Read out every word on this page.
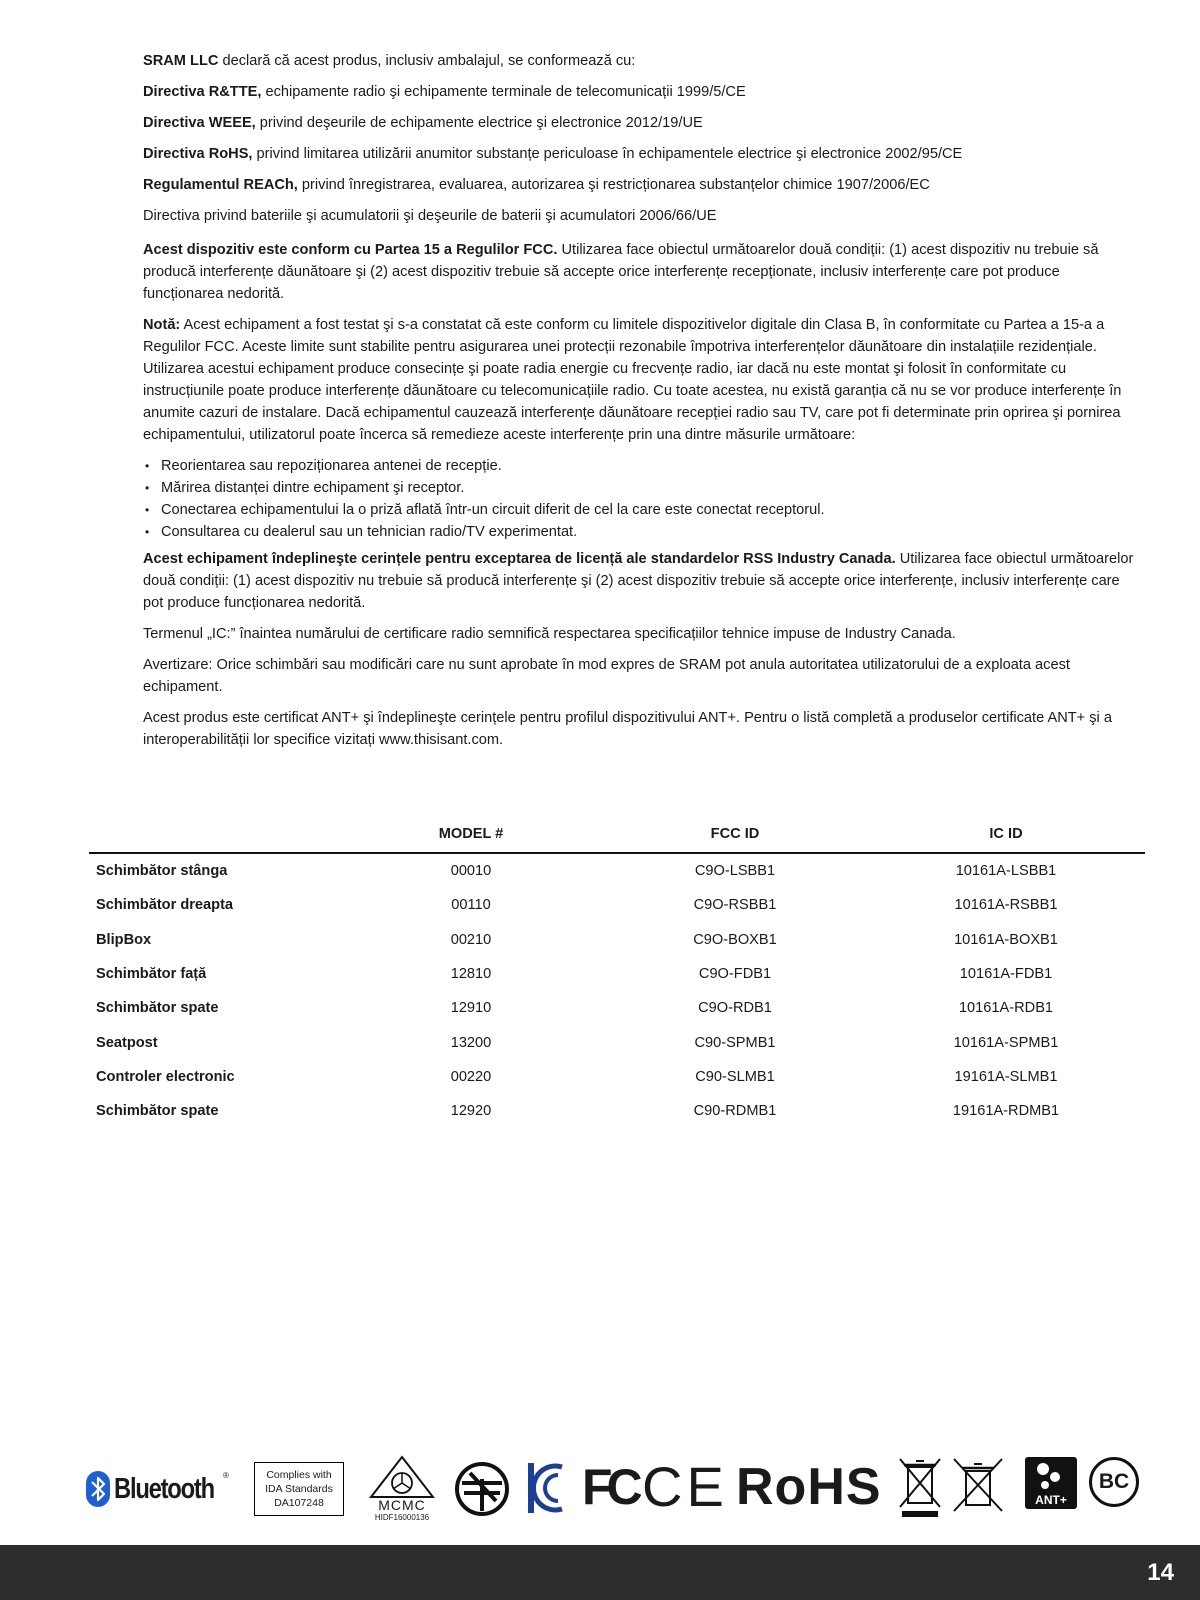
SRAM LLC declară că acest produs, inclusiv ambalajul, se conformează cu:

Directiva R&TTE, echipamente radio şi echipamente terminale de telecomunicații 1999/5/CE

Directiva WEEE, privind deşeurile de echipamente electrice şi electronice 2012/19/UE

Directiva RoHS, privind limitarea utilizării anumitor substanțe periculoase în echipamentele electrice şi electronice 2002/95/CE

Regulamentul REACh, privind înregistrarea, evaluarea, autorizarea şi restricționarea substanțelor chimice 1907/2006/EC

Directiva privind bateriile şi acumulatorii şi deşeurile de baterii şi acumulatori 2006/66/UE

Acest dispozitiv este conform cu Partea 15 a Regulilor FCC. Utilizarea face obiectul următoarelor două condiții: (1) acest dispozitiv nu trebuie să producă interferențe dăunătoare şi (2) acest dispozitiv trebuie să accepte orice interferențe recepționate, inclusiv interferențe care pot produce funcționarea nedorită.

Notă: Acest echipament a fost testat şi s-a constatat că este conform cu limitele dispozitivelor digitale din Clasa B, în conformitate cu Partea a 15-a a Regulilor FCC. Aceste limite sunt stabilite pentru asigurarea unei protecții rezonabile împotriva interferențelor dăunătoare din instalațiile rezidențiale. Utilizarea acestui echipament produce consecințe şi poate radia energie cu frecvențe radio, iar dacă nu este montat şi folosit în conformitate cu instrucțiunile poate produce interferențe dăunătoare cu telecomunicațiile radio. Cu toate acestea, nu există garanția că nu se vor produce interferențe în anumite cazuri de instalare. Dacă echipamentul cauzează interferențe dăunătoare recepției radio sau TV, care pot fi determinate prin oprirea şi pornirea echipamentului, utilizatorul poate încerca să remedieze aceste interferențe prin una dintre măsurile următoare:

• Reorientarea sau repoziționarea antenei de recepție.
• Mărirea distanței dintre echipament şi receptor.
• Conectarea echipamentului la o priză aflată într-un circuit diferit de cel la care este conectat receptorul.
• Consultarea cu dealerul sau un tehnician radio/TV experimentat.

Acest echipament îndeplineşte cerințele pentru exceptarea de licență ale standardelor RSS Industry Canada. Utilizarea face obiectul următoarelor două condiții: (1) acest dispozitiv nu trebuie să producă interferențe şi (2) acest dispozitiv trebuie să accepte orice interferențe, inclusiv interferențe care pot produce funcționarea nedorită.

Termenul „IC:” înaintea numărului de certificare radio semnifică respectarea specificațiilor tehnice impuse de Industry Canada.

Avertizare: Orice schimbări sau modificări care nu sunt aprobate în mod expres de SRAM pot anula autoritatea utilizatorului de a exploata acest echipament.

Acest produs este certificat ANT+ şi îndeplineşte cerințele pentru profilul dispozitivului ANT+. Pentru o listă completă a produselor certificate ANT+ şi a interoperabilității lor specifice vizitați www.thisisant.com.

	MODEL #	FCC ID	IC ID
Schimbător stânga	00010	C9O-LSBB1	10161A-LSBB1
Schimbător dreapta	00110	C9O-RSBB1	10161A-RSBB1
BlipBox	00210	C9O-BOXB1	10161A-BOXB1
Schimbător față	12810	C9O-FDB1	10161A-FDB1
Schimbător spate	12910	C9O-RDB1	10161A-RDB1
Seatpost	13200	C90-SPMB1	10161A-SPMB1
Controler electronic	00220	C90-SLMB1	19161A-SLMB1
Schimbător spate	12920	C90-RDMB1	19161A-RDMB1
Bluetooth ®	Complies with
IDA Standards
DA107248	MCMC
HIDF16000136
FC CE RoHS	ANT+
BC
14
